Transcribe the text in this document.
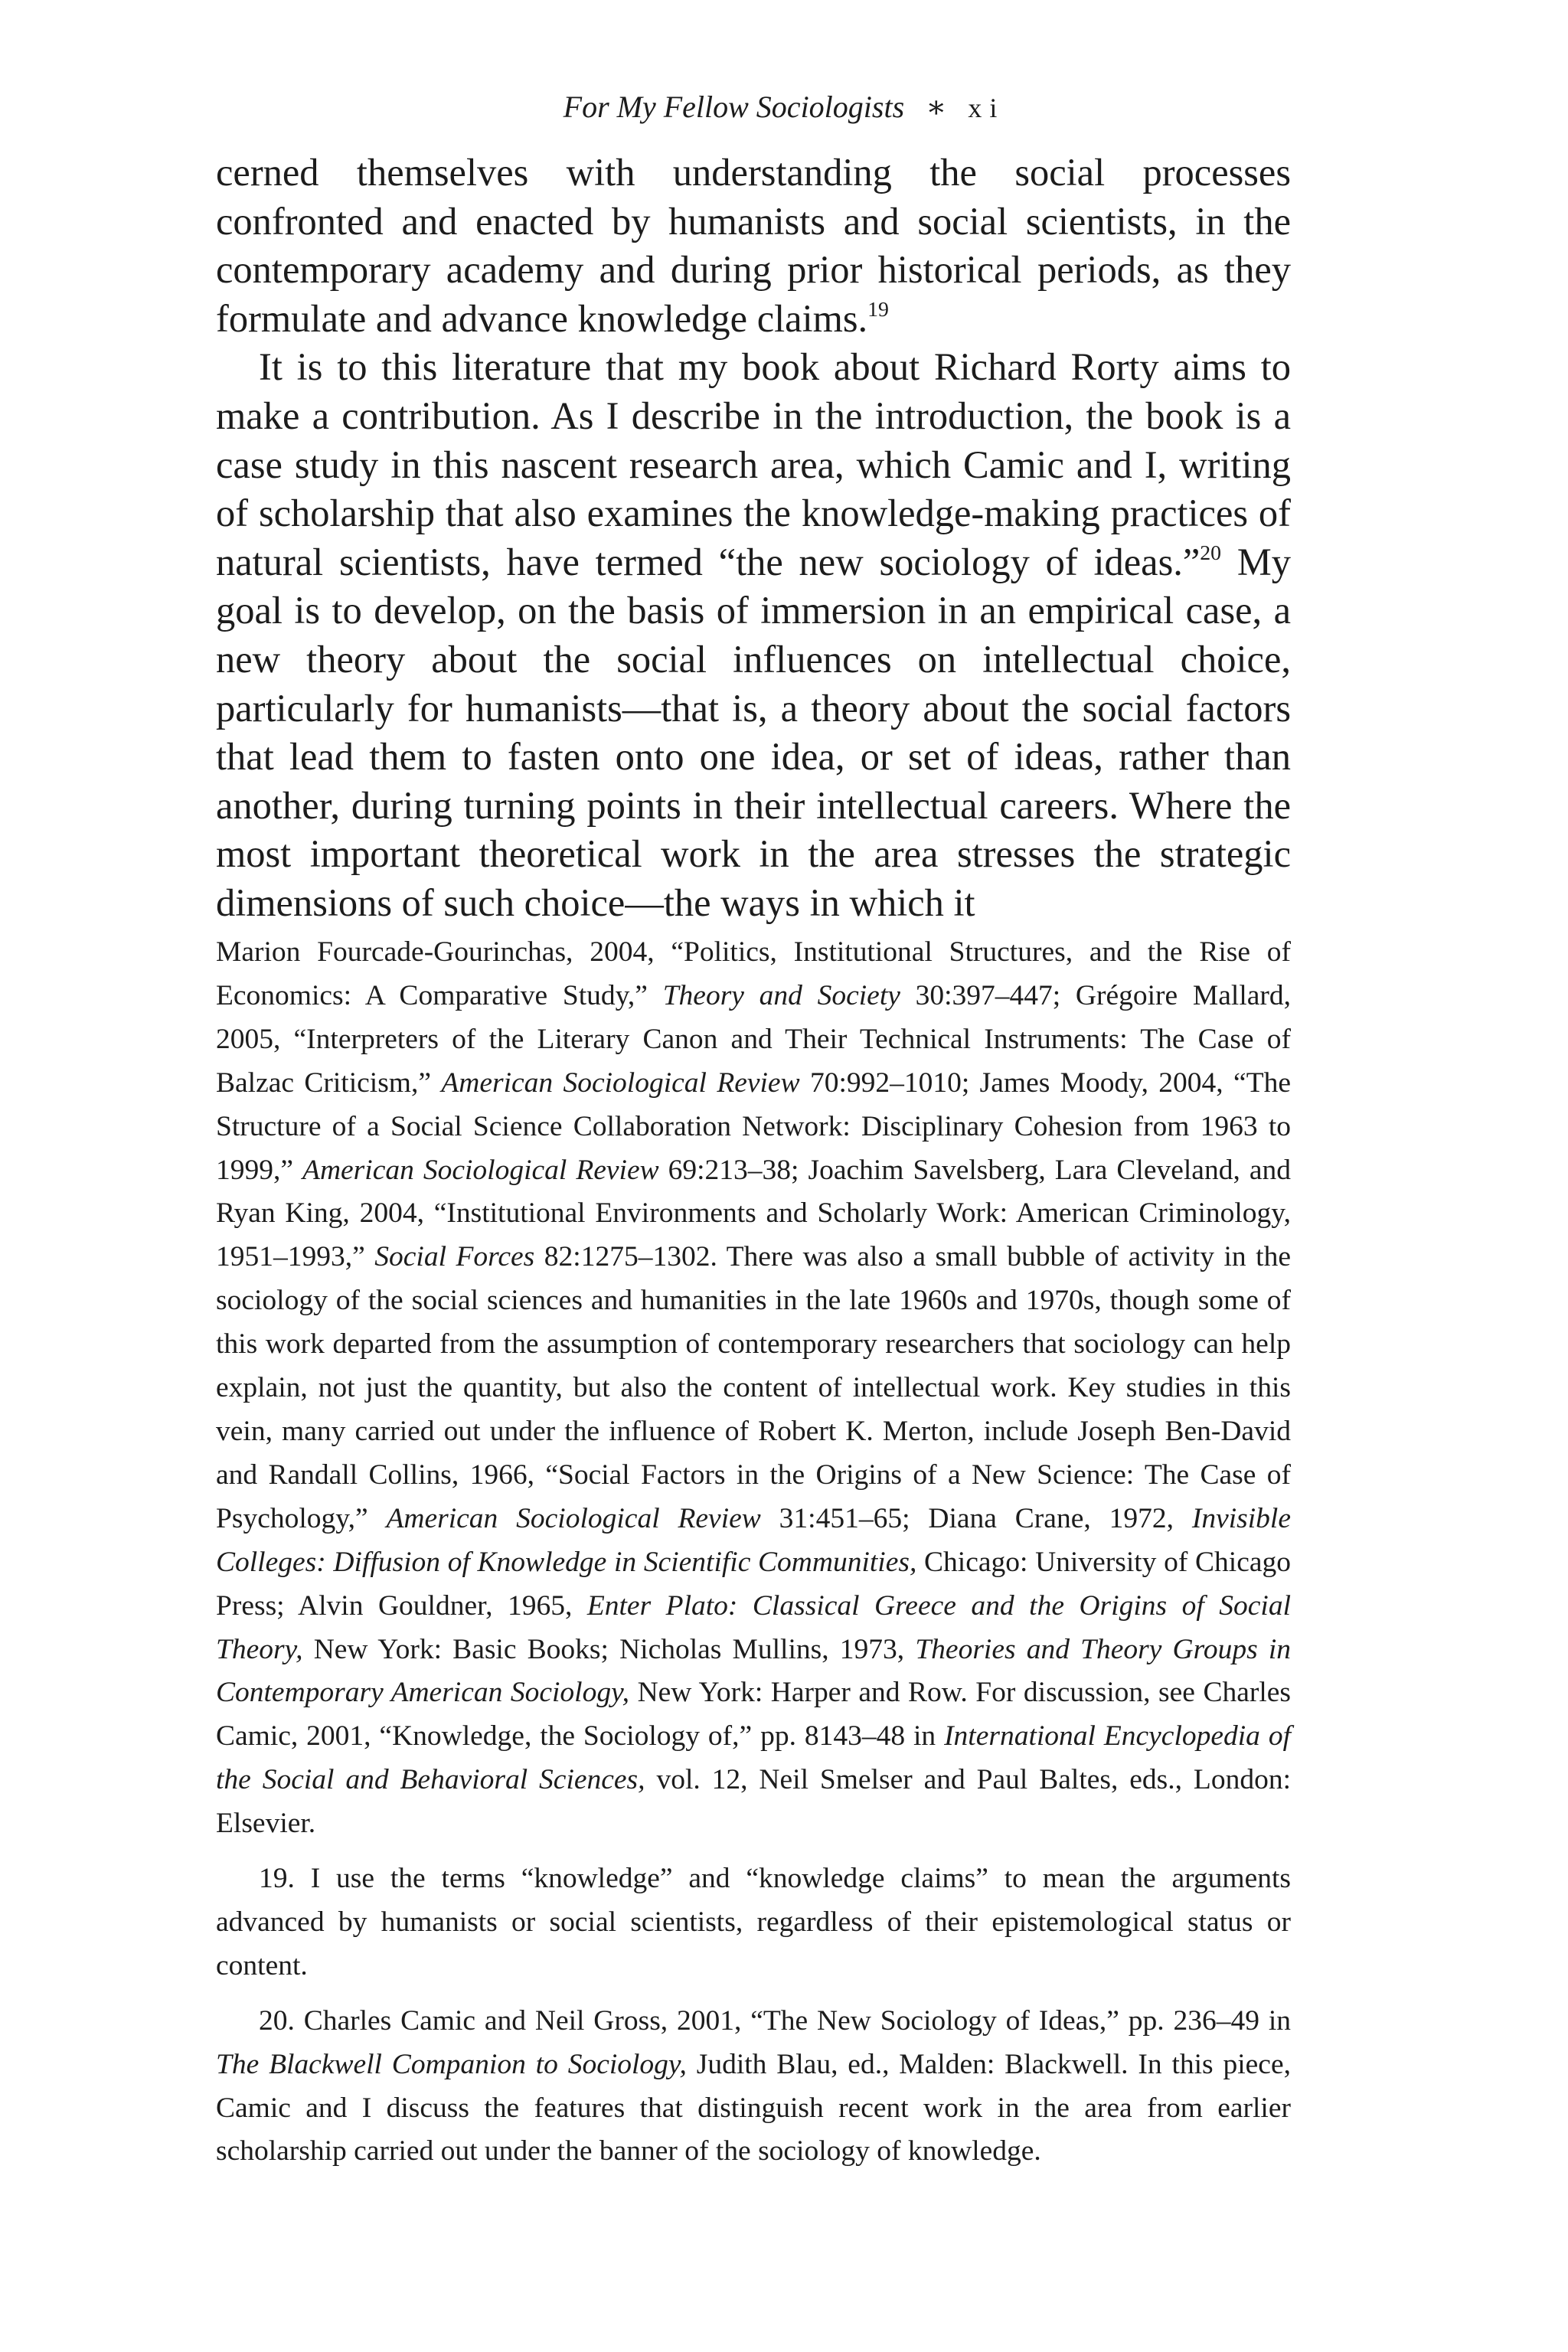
For My Fellow Sociologists ∗ xi

cerned themselves with understanding the social processes confronted and enacted by humanists and social scientists, in the contemporary academy and during prior historical periods, as they formulate and advance knowledge claims.$^{19}$

It is to this literature that my book about Richard Rorty aims to make a contribution. As I describe in the introduction, the book is a case study in this nascent research area, which Camic and I, writing of scholarship that also examines the knowledge-making practices of natural scientists, have termed “the new sociology of ideas.”$^{20}$ My goal is to develop, on the basis of immersion in an empirical case, a new theory about the social influences on intellectual choice, particularly for humanists—that is, a theory about the social factors that lead them to fasten onto one idea, or set of ideas, rather than another, during turning points in their intellectual careers. Where the most important theoretical work in the area stresses the strategic dimensions of such choice—the ways in which it

Marion Fourcade-Gourinchas, 2004, “Politics, Institutional Structures, and the Rise of Economics: A Comparative Study,” Theory and Society 30:397–447; Grégoire Mallard, 2005, “Interpreters of the Literary Canon and Their Technical Instruments: The Case of Balzac Criticism,” American Sociological Review 70:992–1010; James Moody, 2004, “The Structure of a Social Science Collaboration Network: Disciplinary Cohesion from 1963 to 1999,” American Sociological Review 69:213–38; Joachim Savelsberg, Lara Cleveland, and Ryan King, 2004, “Institutional Environments and Scholarly Work: American Criminology, 1951–1993,” Social Forces 82:1275–1302. There was also a small bubble of activity in the sociology of the social sciences and humanities in the late 1960s and 1970s, though some of this work departed from the assumption of contemporary researchers that sociology can help explain, not just the quantity, but also the content of intellectual work. Key studies in this vein, many carried out under the influence of Robert K. Merton, include Joseph Ben-David and Randall Collins, 1966, “Social Factors in the Origins of a New Science: The Case of Psychology,” American Sociological Review 31:451–65; Diana Crane, 1972, Invisible Colleges: Diffusion of Knowledge in Scientific Communities, Chicago: University of Chicago Press; Alvin Gouldner, 1965, Enter Plato: Classical Greece and the Origins of Social Theory, New York: Basic Books; Nicholas Mullins, 1973, Theories and Theory Groups in Contemporary American Sociology, New York: Harper and Row. For discussion, see Charles Camic, 2001, “Knowledge, the Sociology of,” pp. 8143–48 in International Encyclopedia of the Social and Behavioral Sciences, vol. 12, Neil Smelser and Paul Baltes, eds., London: Elsevier.

19. I use the terms “knowledge” and “knowledge claims” to mean the arguments advanced by humanists or social scientists, regardless of their epistemological status or content.

20. Charles Camic and Neil Gross, 2001, “The New Sociology of Ideas,” pp. 236–49 in The Blackwell Companion to Sociology, Judith Blau, ed., Malden: Blackwell. In this piece, Camic and I discuss the features that distinguish recent work in the area from earlier scholarship carried out under the banner of the sociology of knowledge.
